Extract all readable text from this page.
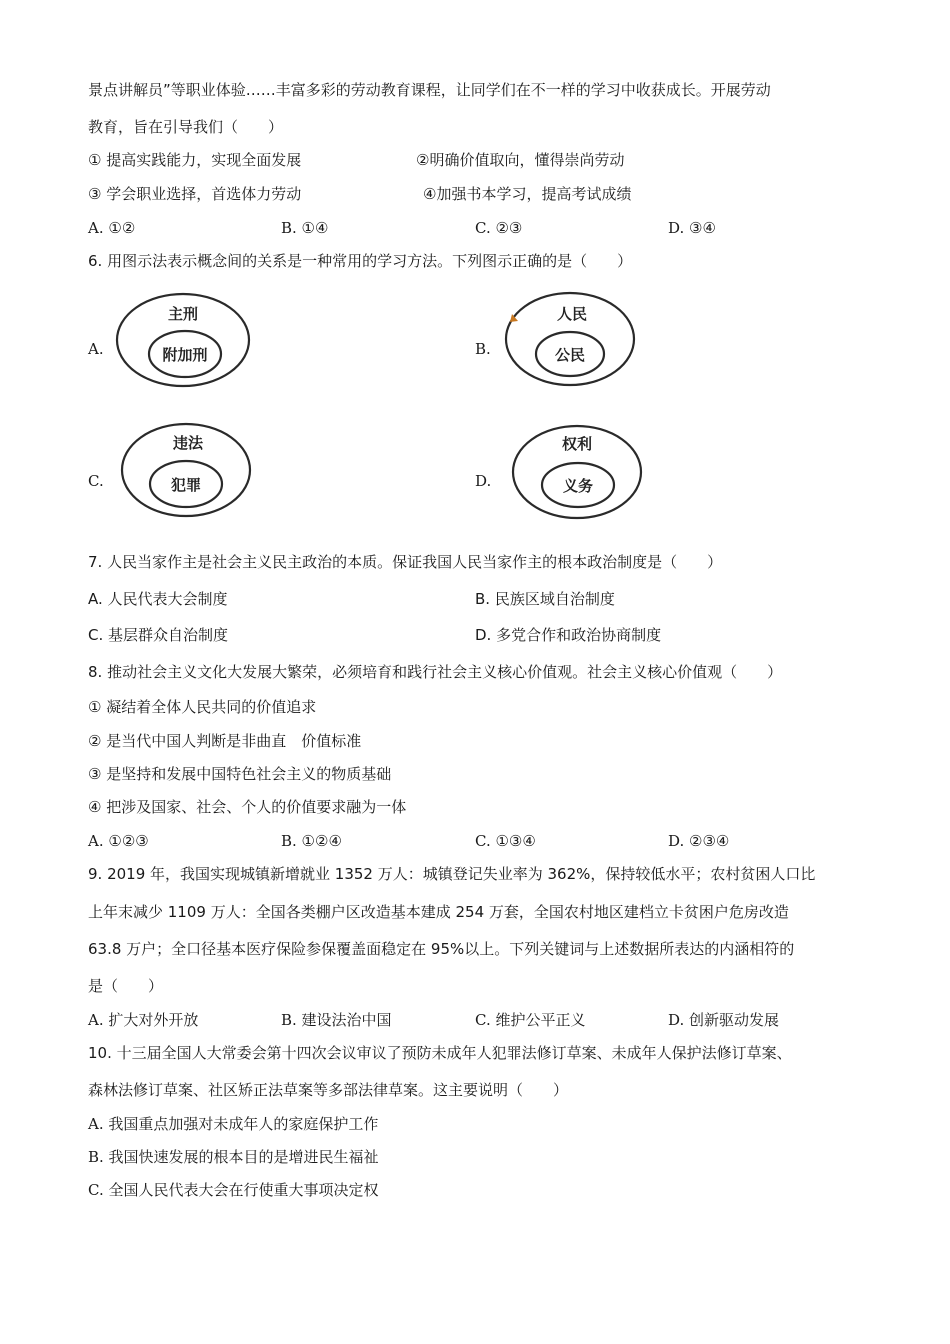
景点讲解员”等职业体验……丰富多彩的劳动教育课程，让同学们在不一样的学习中收获成长。开展劳动
教育，旨在引导我们（　　）
① 提高实践能力，实现全面发展	②明确价值取向，懂得崇尚劳动
③ 学会职业选择，首选体力劳动	④加强书本学习，提高考试成绩
A. ①②	B. ①④	C. ②③	D. ③④
6. 用图示法表示概念间的关系是一种常用的学习方法。下列图示正确的是（　　）
A.
主刑
附加刑	B.
人民
公民
C.
违法
犯罪	D.
权利
义务
7. 人民当家作主是社会主义民主政治的本质。保证我国人民当家作主的根本政治制度是（　　）
A. 人民代表大会制度	B. 民族区域自治制度
C. 基层群众自治制度	D. 多党合作和政治协商制度
8. 推动社会主义文化大发展大繁荣，必须培育和践行社会主义核心价值观。社会主义核心价值观（　　）
① 凝结着全体人民共同的价值追求
② 是当代中国人判断是非曲直　价值标准
③ 是坚持和发展中国特色社会主义的物质基础
④ 把涉及国家、社会、个人的价值要求融为一体
A. ①②③	B. ①②④	C. ①③④	D. ②③④
9. 2019 年，我国实现城镇新增就业 1352 万人：城镇登记失业率为 362%，保持较低水平；农村贫困人口比
上年末减少 1109 万人：全国各类棚户区改造基本建成 254 万套，全国农村地区建档立卡贫困户危房改造
63.8 万户；全口径基本医疗保险参保覆盖面稳定在 95%以上。下列关键词与上述数据所表达的内涵相符的
是（　　）
A. 扩大对外开放	B. 建设法治中国	C. 维护公平正义	D. 创新驱动发展
10. 十三届全国人大常委会第十四次会议审议了预防未成年人犯罪法修订草案、未成年人保护法修订草案、
森林法修订草案、社区矫正法草案等多部法律草案。这主要说明（　　）
A. 我国重点加强对未成年人的家庭保护工作
B. 我国快速发展的根本目的是增进民生福祉
C. 全国人民代表大会在行使重大事项决定权
